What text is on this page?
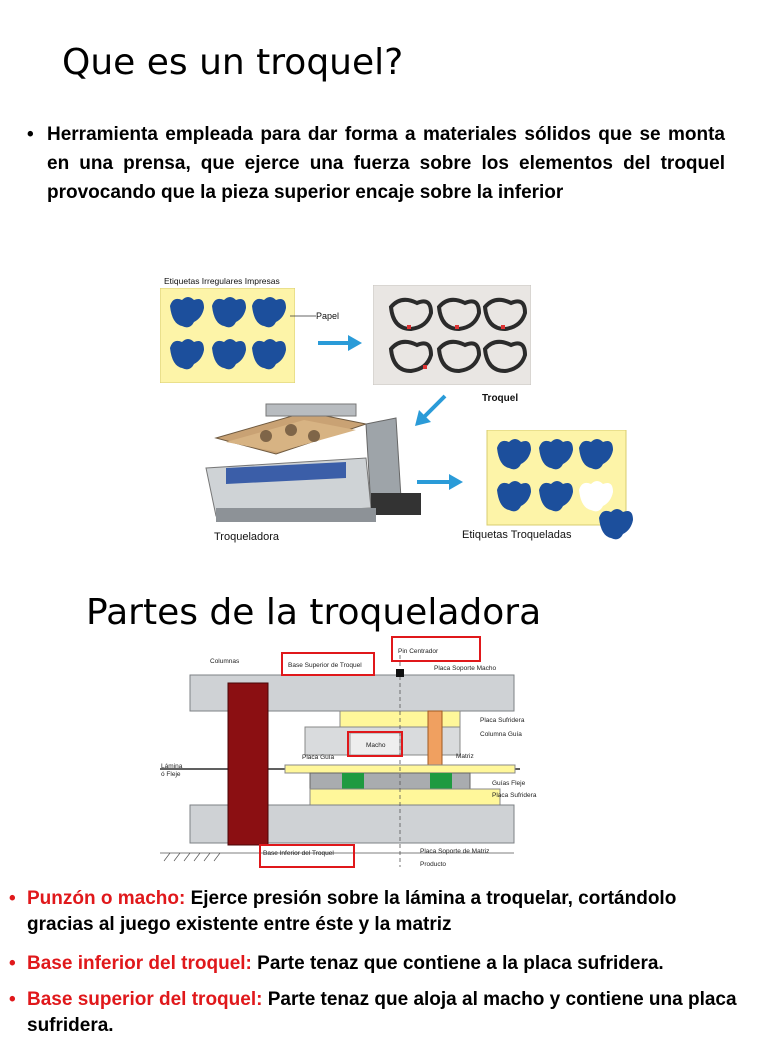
Que es un troquel?
• Herramienta empleada para dar forma a materiales sólidos que se monta en una prensa, que ejerce una fuerza sobre los elementos del troquel provocando que la pieza superior encaje sobre la inferior
Etiquetas Irregulares Impresas
Papel
Troquel
Troqueladora	Etiquetas Troqueladas
Partes de la troqueladora
Columnas
Base Superior de Troquel
Pin Centrador
Placa Soporte Macho
Placa Sufridera
Columna Guía
Placa Guía
Macho
Matriz
Lámina
ó Fleje
Guías Fleje
Placa Sufridera
Base Inferior del Troquel	Placa Soporte de Matriz
Producto
• Punzón o macho: Ejerce presión sobre la lámina a troquelar, cortándolo gracias al juego existente entre éste y la matriz
• Base inferior del troquel: Parte tenaz que contiene a la placa sufridera.
• Base superior del troquel: Parte tenaz que aloja al macho y contiene una placa sufridera.
